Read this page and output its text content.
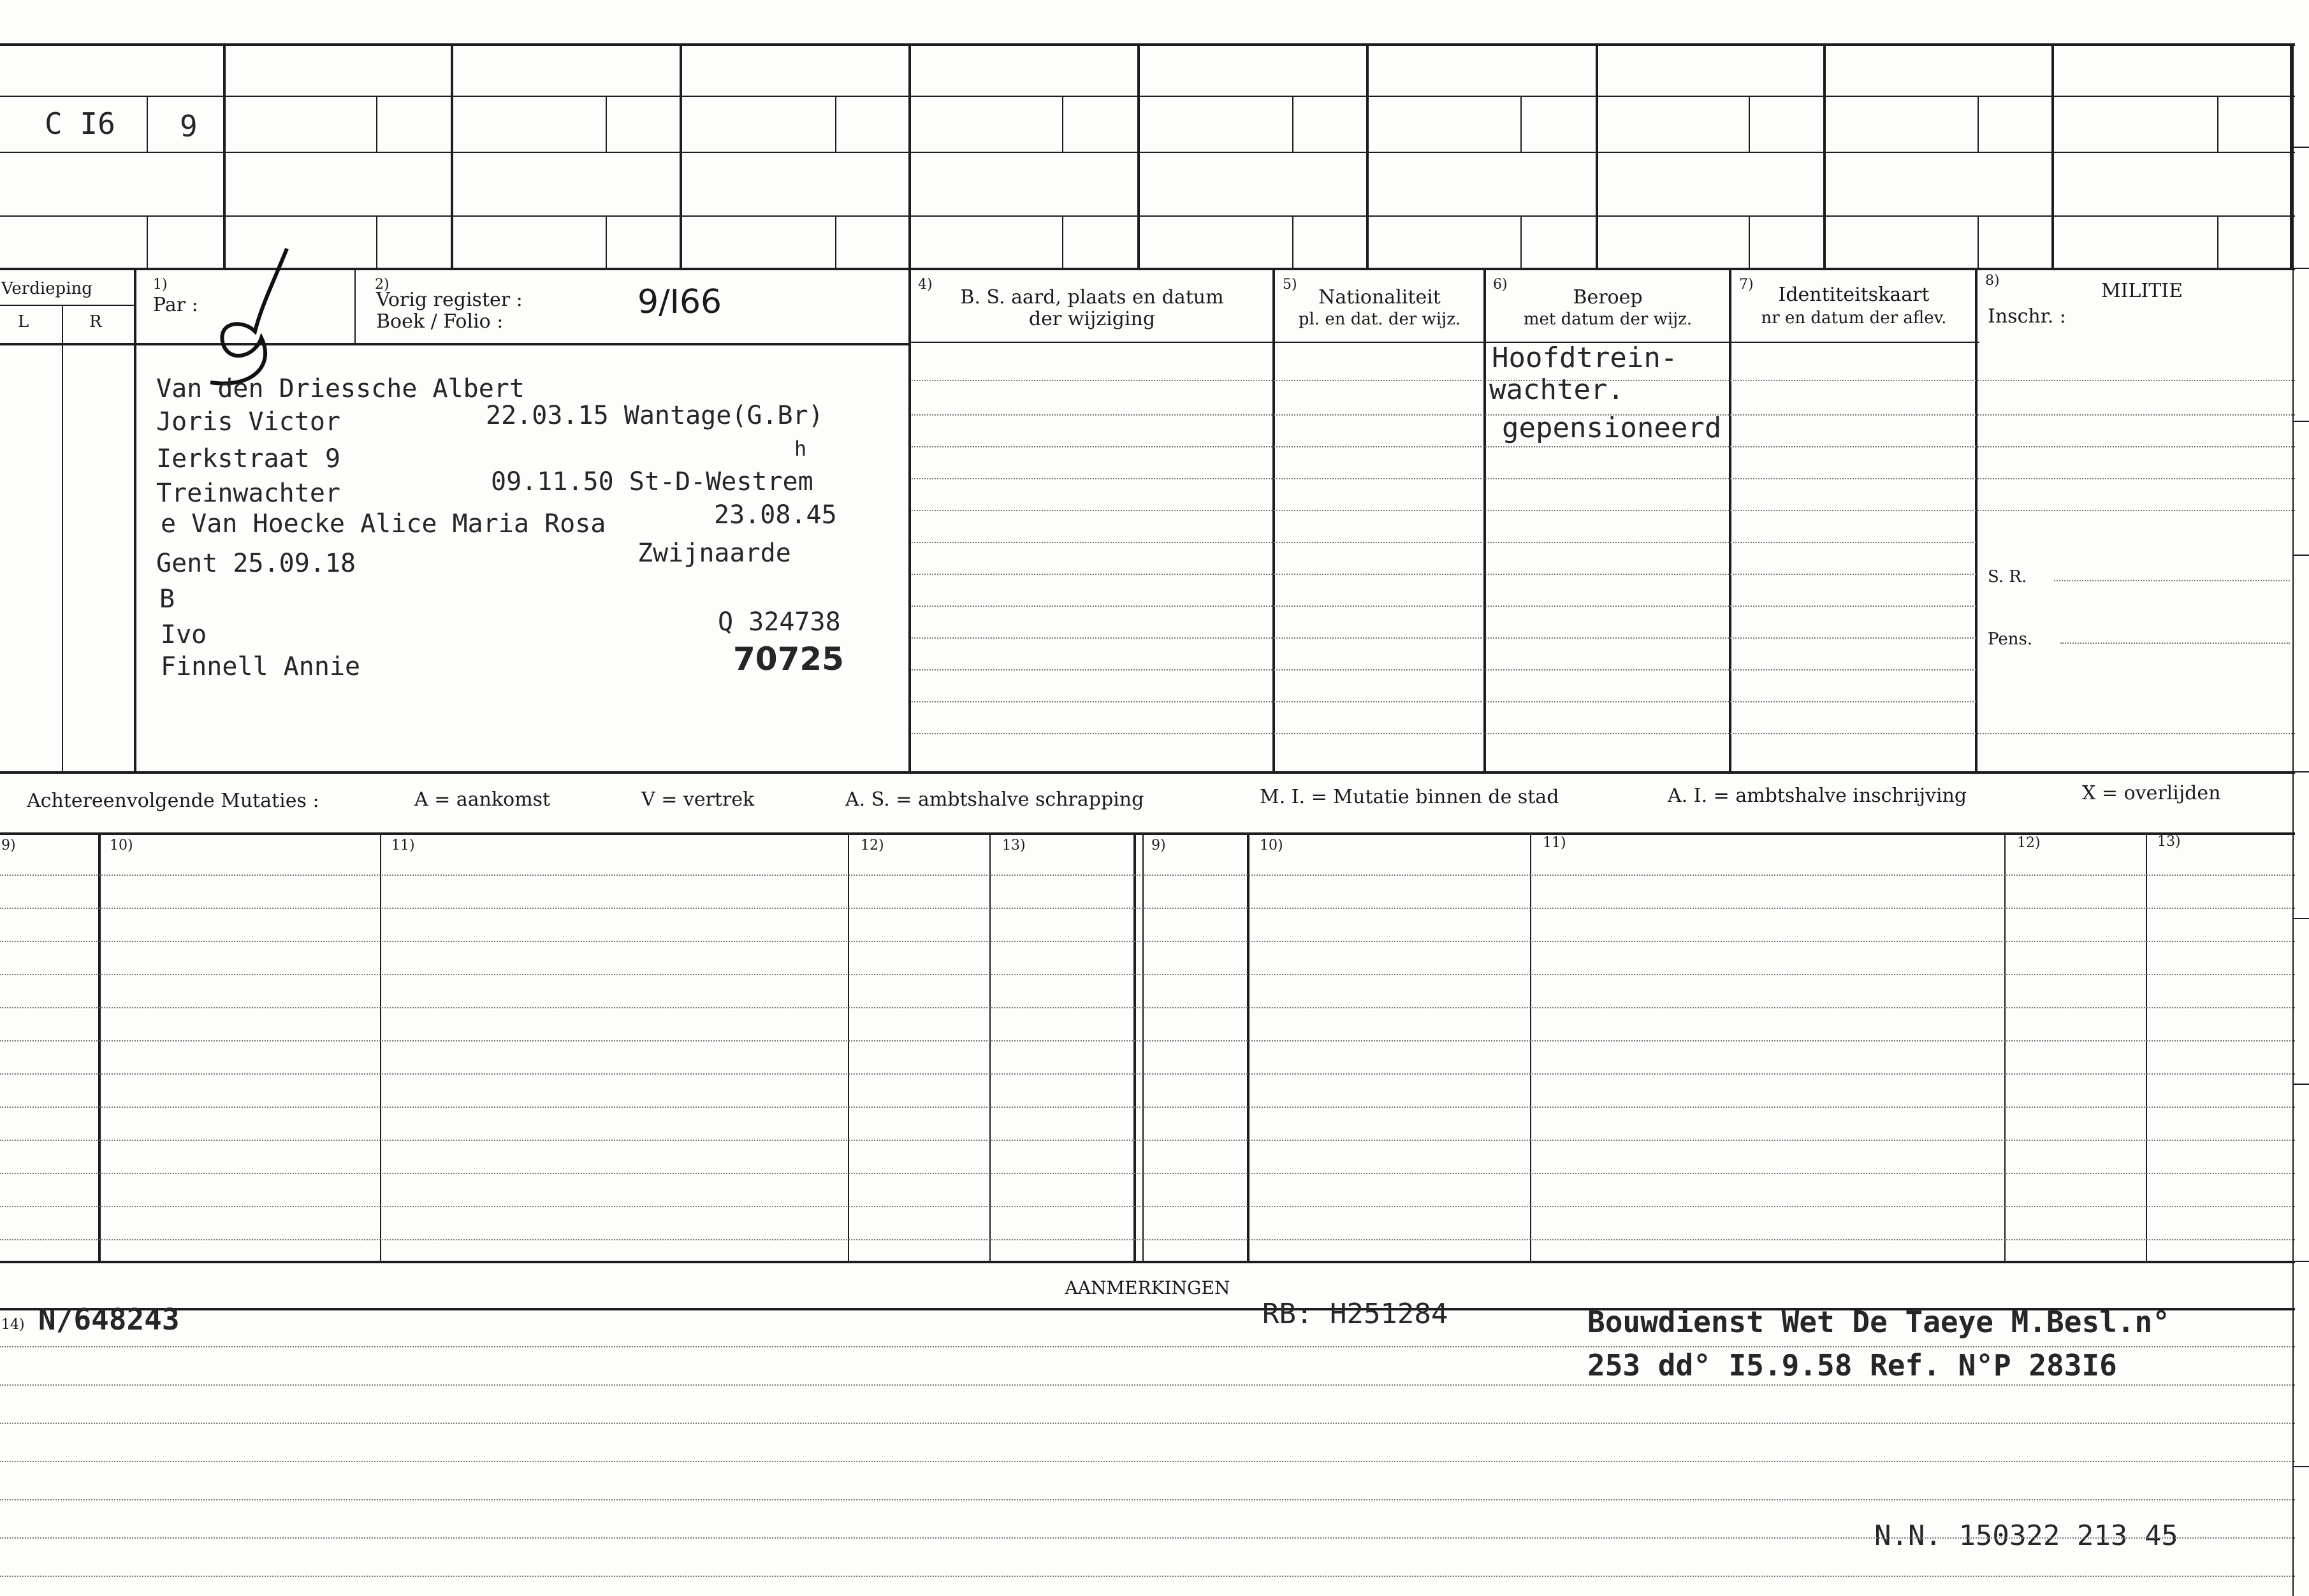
C I6 9
Verdieping
L	R
1)
Par :
2)
Vorig register :
Boek / Folio :
9/I66	4)
B. S. aard, plaats en datum
der wijziging
5)
Nationaliteit
pl. en dat. der wijz.
6)
Beroep
met datum der wijz.
7)	Identiteitskaart
nr en datum der aflev.
8)	MILITIE
Inschr. :
S. R.
Pens.
Van den Driessche Albert
Joris Victor	22.03.15 Wantage(G.Br)
Ierkstraat 9	h
Treinwachter	09.11.50 St-D-Westrem
e Van Hoecke Alice Maria Rosa	23.08.45
Gent 25.09.18	Zwijnaarde
B
Ivo	Q 324738
Finnell Annie	70725
Hoofdtrein-
wachter.
gepensioneerd
Achtereenvolgende Mutaties :	A = aankomst	V = vertrek	A. S. = ambtshalve schrapping	M. I. = Mutatie binnen de stad	A. I. = ambtshalve inschrijving	X = overlijden
9)	10)	11)	12)	13)	9)	10)	11)	12)	13)
AANMERKINGEN
14) N/648243	RB: H251284	Bouwdienst Wet De Taeye M.Besl.n°
253 dd° I5.9.58 Ref. N°P 283I6
N.N. 150322 213 45
